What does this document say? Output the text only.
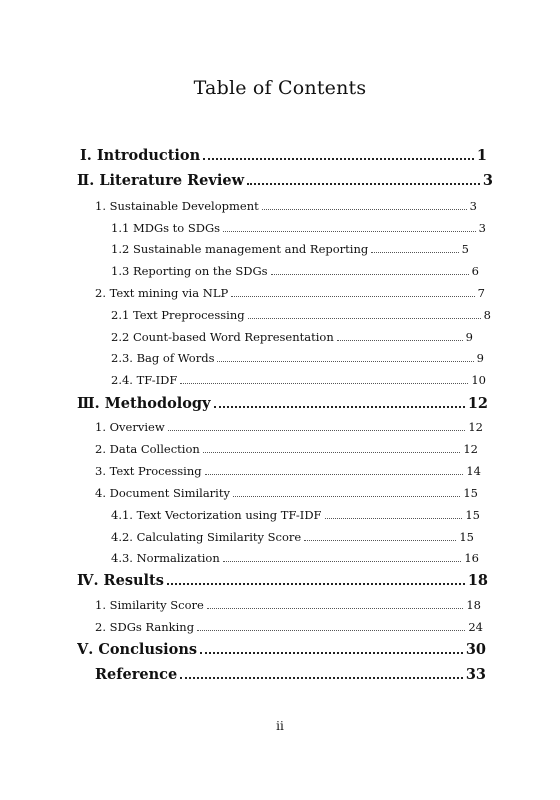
Table of Contents
Ⅰ. Introduction	1
Ⅱ. Literature Review	3
1. Sustainable Development	3
1.1 MDGs to SDGs	3
1.2 Sustainable management and Reporting	5
1.3 Reporting on the SDGs	6
2. Text mining via NLP	7
2.1 Text Preprocessing	8
2.2 Count-based Word Representation	9
2.3. Bag of Words	9
2.4. TF-IDF	10
Ⅲ. Methodology	12
1. Overview	12
2. Data Collection	12
3. Text Processing	14
4. Document Similarity	15
4.1. Text Vectorization using TF-IDF	15
4.2. Calculating Similarity Score	15
4.3. Normalization	16
Ⅳ. Results	18
1. Similarity Score	18
2. SDGs Ranking	24
Ⅴ. Conclusions	30
Reference	33
ii
